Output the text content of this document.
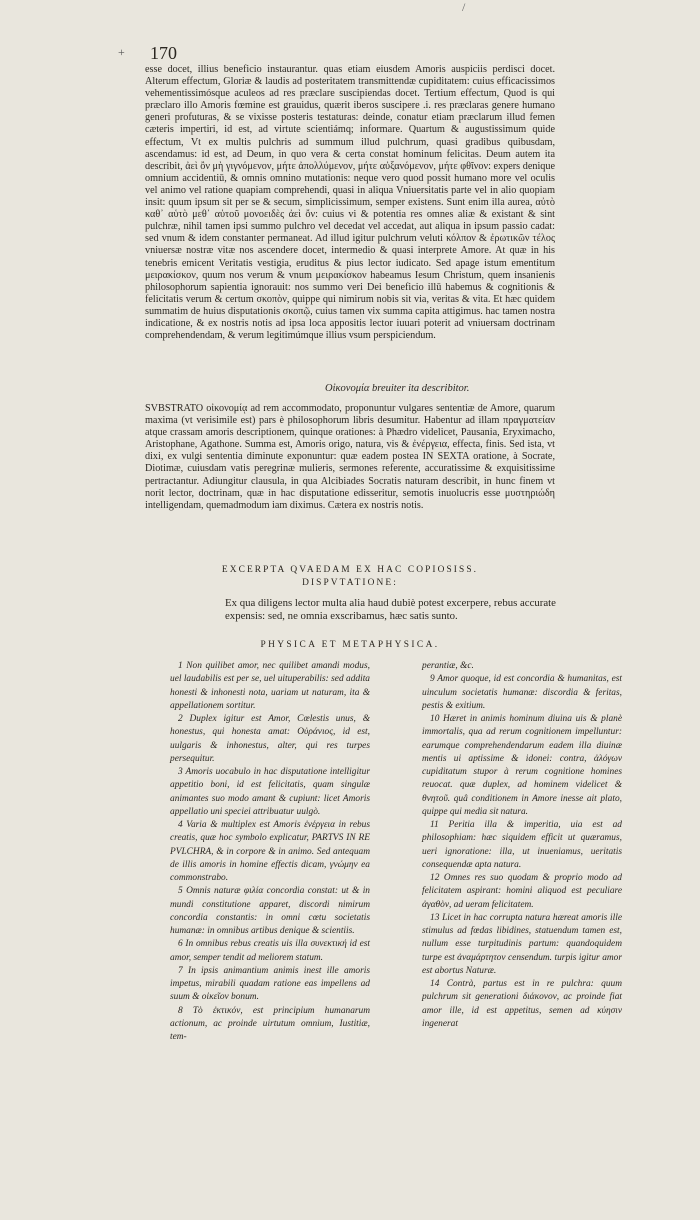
/
+ 170

esse docet, illius beneficio instaurantur. quas etiam eiusdem Amoris auspiciis perdisci docet. Alterum effectum, Gloriæ & laudis ad posteritatem transmittendæ cupiditatem: cuius efficacissimos vehementissimósque aculeos ad res præclare suscipiendas docet. Tertium effectum, Quod is qui præclaro illo Amoris fœmine est grauidus, quærit iberos suscipere .i. res præclaras genere humano generi profuturas, & se vixisse posteris testaturas: deinde, conatur etiam præclarum illud femen cæteris impertiri, id est, ad virtute scientiámq; informare. Quartum & augustissimum quide effectum, Vt ex multis pulchris ad summum illud pulchrum, quasi gradibus quibusdam, ascendamus: id est, ad Deum, in quo vera & certa constat hominum felicitas. Deum autem ita describit, ἀεὶ ὂν μὴ γιγνόμενον, μήτε ἀπολλύμενον, μήτε αὐξανόμενον, μήτε φθῖνον: expers denique omnium accidentiū, & omnis omnino mutationis: neque vero quod possit humano more vel oculis vel animo vel ratione quapiam comprehendi, quasi in aliqua Vniuersitatis parte vel in alio quopiam insit: quum ipsum sit per se & secum, simplicissimum, semper existens. Sunt enim illa aurea, αὐτὸ καθ᾽ αὑτὸ μεθ᾽ αὑτοῦ μονοειδὲς ἀεὶ ὄν: cuius vi & potentia res omnes aliæ & existant & sint pulchræ, nihil tamen ipsi summo pulchro vel decedat vel accedat, aut aliqua in ipsum passio cadat: sed vnum & idem constanter permaneat. Ad illud igitur pulchrum veluti κόλπον & ἐρωτικῶν τέλος vniuersæ nostræ vitæ nos ascendere docet, intermedio & quasi interprete Amore. At quæ in his tenebris emicent Veritatis vestigia, eruditus & pius lector iudicato. Sed apage istum ementitum μειρακίσκον, quum nos verum & vnum μειρακίσκον habeamus Iesum Christum, quem insanienis philosophorum sapientia ignorauit: nos summo veri Dei beneficio illū habemus & cognitionis & felicitatis verum & certum σκοπὸν, quippe qui nimirum nobis sit via, veritas & vita. Et hæc quidem summatim de huius disputationis σκοπῷ, cuius tamen vix summa capita attigimus. hac tamen nostra indicatione, & ex nostris notis ad ipsa loca appositis lector iuuari poterit ad vniuersam doctrinam comprehendendam, & verum legitimúmque illius vsum perspiciendum.

Οἰκονομία breuiter ita describitor.

SVBSTRATO οἰκονομίᾳ ad rem accommodato, proponuntur vulgares sententiæ de Amore, quarum maxima (vt verisimile est) pars è philosophorum libris desumitur. Habentur ad illam πραγματείαν atque crassam amoris descriptionem, quinque orationes: à Phædro videlicet, Pausania, Eryximacho, Aristophane, Agathone. Summa est, Amoris origo, natura, vis & ἐνέργεια, effecta, finis. Sed ista, vt dixi, ex vulgi sententia diminute exponuntur: quæ eadem postea IN SEXTA oratione, à Socrate, Diotimæ, cuiusdam vatis peregrinæ mulieris, sermones referente, accuratissime & exquisitissime pertractantur. Adiungitur clausula, in qua Alcibiades Socratis naturam describit, in hunc finem vt norit lector, doctrinam, quæ in hac disputatione edisseritur, semotis inuolucris esse μυστηριώδη intelligendam, quemadmodum iam diximus. Cætera ex nostris notis.

EXCERPTA QVAEDAM EX HAC COPIOSISS.
DISPVTATIONE:
Ex qua diligens lector multa alia haud dubiè potest excerpere, rebus accurate expensis: sed, ne omnia exscribamus, hæc satis sunto.
PHYSICA ET METAPHYSICA.

1 Non quilibet amor, nec quilibet amandi modus, uel laudabilis est per se, uel uituperabilis: sed addita honesti & inhonesti nota, uariam ut naturam, ita & appellationem sortitur.

2 Duplex igitur est Amor, Cœlestis unus, & honestus, qui honesta amat: Οὐράνιος, id est, uulgaris & inhonestus, alter, qui res turpes persequitur.

3 Amoris uocabulo in hac disputatione intelligitur appetitio boni, id est felicitatis, quam singulæ animantes suo modo amant & cupiunt: licet Amoris appellatio uni speciei attribuatur uulgò.

4 Varia & multiplex est Amoris ἐνέργεια in rebus creatis, quæ hoc symbolo explicatur, PARTVS IN RE PVLCHRA, & in corpore & in animo. Sed antequam de illis amoris in homine effectis dicam, γνώμην ea commonstrabo.

5 Omnis naturæ φιλία concordia constat: ut & in mundi constitutione apparet, discordi nimirum concordia constantis: in omni cœtu societatis humanæ: in omnibus artibus denique & scientiis.

6 In omnibus rebus creatis uis illa συνεκτική id est amor, semper tendit ad meliorem statum.

7 In ipsis animantium animis inest ille amoris impetus, mirabili quadam ratione eas impellens ad suum & οἰκεῖον bonum.

8 Τὸ ἐκτικόν, est principium humanarum actionum, ac proinde uirtutum omnium, Iustitiæ, tem-

perantiæ, &c.

9 Amor quoque, id est concordia & humanitas, est uinculum societatis humanæ: discordia & feritas, pestis & exitium.

10 Hæret in animis hominum diuina uis & planè immortalis, qua ad rerum cognitionem impelluntur: earumque comprehendendarum eadem illa diuinæ mentis ui aptissime & idonei: contra, ἀλόγων cupiditatum stupor à rerum cognitione homines reuocat. quæ duplex, ad hominem videlicet & θνητοῦ. quâ conditionem in Amore inesse ait plato, quippe qui media sit natura.

11 Peritia illa & imperitia, uia est ad philosophiam: hæc siquidem efficit ut quæramus, ueri ignoratione: illa, ut inueniamus, ueritatis consequendæ apta natura.

12 Omnes res suo quodam & proprio modo ad felicitatem aspirant: homini aliquod est peculiare ἀγαθὸν, ad ueram felicitatem.

13 Licet in hac corrupta natura hæreat amoris ille stimulus ad fœdas libidines, statuendum tamen est, nullum esse turpitudinis partum: quandoquidem turpe est ἀναμάρτητον censendum. turpis igitur amor est abortus Naturæ.

14 Contrà, partus est in re pulchra: quum pulchrum sit generationi διάκονον, ac proinde fiat amor ille, id est appetitus, semen ad κύησιν ingenerat
